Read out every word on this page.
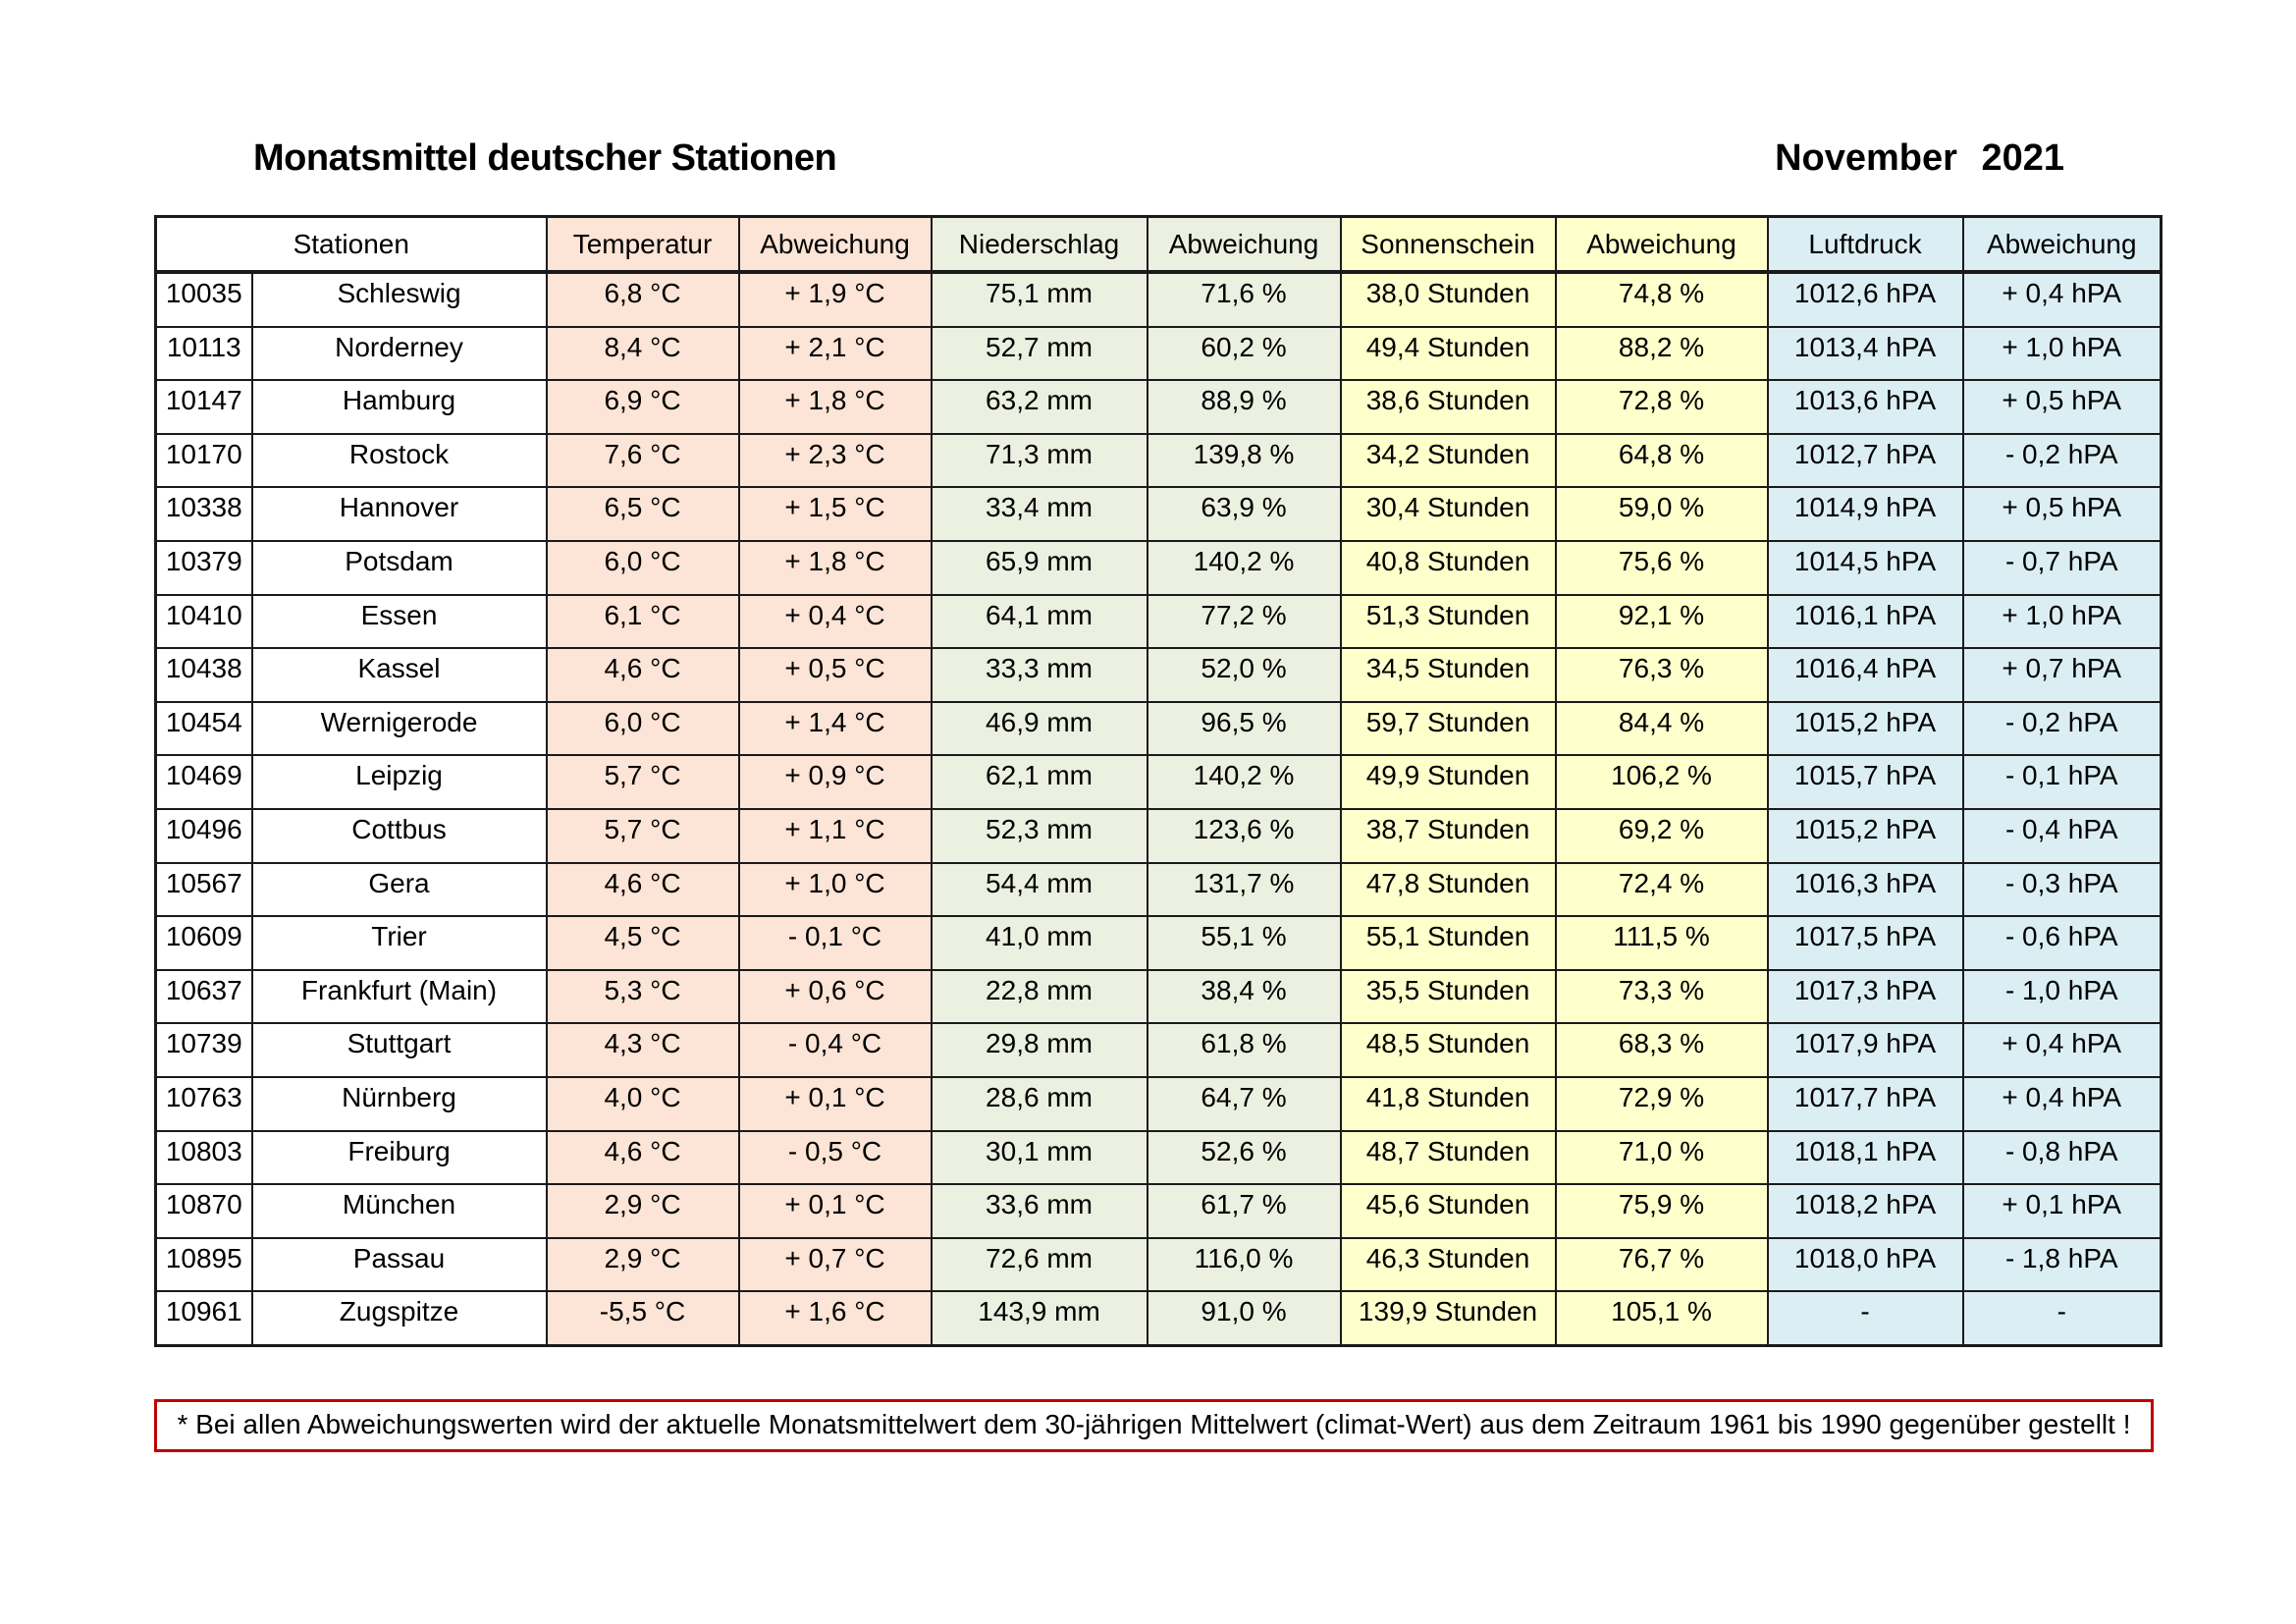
Monatsmittel deutscher Stationen	November 2021
Stationen		Temperatur	Abweichung	Niederschlag	Abweichung	Sonnenschein	Abweichung	Luftdruck	Abweichung
10035	Schleswig	6,8 °C	+ 1,9 °C	75,1 mm	71,6 %	38,0 Stunden	74,8 %	1012,6 hPA	+ 0,4 hPA
10113	Norderney	8,4 °C	+ 2,1 °C	52,7 mm	60,2 %	49,4 Stunden	88,2 %	1013,4 hPA	+ 1,0 hPA
10147	Hamburg	6,9 °C	+ 1,8 °C	63,2 mm	88,9 %	38,6 Stunden	72,8 %	1013,6 hPA	+ 0,5 hPA
10170	Rostock	7,6 °C	+ 2,3 °C	71,3 mm	139,8 %	34,2 Stunden	64,8 %	1012,7 hPA	- 0,2 hPA
10338	Hannover	6,5 °C	+ 1,5 °C	33,4 mm	63,9 %	30,4 Stunden	59,0 %	1014,9 hPA	+ 0,5 hPA
10379	Potsdam	6,0 °C	+ 1,8 °C	65,9 mm	140,2 %	40,8 Stunden	75,6 %	1014,5 hPA	- 0,7 hPA
10410	Essen	6,1 °C	+ 0,4 °C	64,1 mm	77,2 %	51,3 Stunden	92,1 %	1016,1 hPA	+ 1,0 hPA
10438	Kassel	4,6 °C	+ 0,5 °C	33,3 mm	52,0 %	34,5 Stunden	76,3 %	1016,4 hPA	+ 0,7 hPA
10454	Wernigerode	6,0 °C	+ 1,4 °C	46,9 mm	96,5 %	59,7 Stunden	84,4 %	1015,2 hPA	- 0,2 hPA
10469	Leipzig	5,7 °C	+ 0,9 °C	62,1 mm	140,2 %	49,9 Stunden	106,2 %	1015,7 hPA	- 0,1 hPA
10496	Cottbus	5,7 °C	+ 1,1 °C	52,3 mm	123,6 %	38,7 Stunden	69,2 %	1015,2 hPA	- 0,4 hPA
10567	Gera	4,6 °C	+ 1,0 °C	54,4 mm	131,7 %	47,8 Stunden	72,4 %	1016,3 hPA	- 0,3 hPA
10609	Trier	4,5 °C	- 0,1 °C	41,0 mm	55,1 %	55,1 Stunden	111,5 %	1017,5 hPA	- 0,6 hPA
10637	Frankfurt (Main)	5,3 °C	+ 0,6 °C	22,8 mm	38,4 %	35,5 Stunden	73,3 %	1017,3 hPA	- 1,0 hPA
10739	Stuttgart	4,3 °C	- 0,4 °C	29,8 mm	61,8 %	48,5 Stunden	68,3 %	1017,9 hPA	+ 0,4 hPA
10763	Nürnberg	4,0 °C	+ 0,1 °C	28,6 mm	64,7 %	41,8 Stunden	72,9 %	1017,7 hPA	+ 0,4 hPA
10803	Freiburg	4,6 °C	- 0,5 °C	30,1 mm	52,6 %	48,7 Stunden	71,0 %	1018,1 hPA	- 0,8 hPA
10870	München	2,9 °C	+ 0,1 °C	33,6 mm	61,7 %	45,6 Stunden	75,9 %	1018,2 hPA	+ 0,1 hPA
10895	Passau	2,9 °C	+ 0,7 °C	72,6 mm	116,0 %	46,3 Stunden	76,7 %	1018,0 hPA	- 1,8 hPA
10961	Zugspitze	-5,5 °C	+ 1,6 °C	143,9 mm	91,0 %	139,9 Stunden	105,1 %	-	-
* Bei allen Abweichungswerten wird der aktuelle Monatsmittelwert dem 30-jährigen Mittelwert (climat-Wert) aus dem Zeitraum 1961 bis 1990 gegenüber gestellt !
